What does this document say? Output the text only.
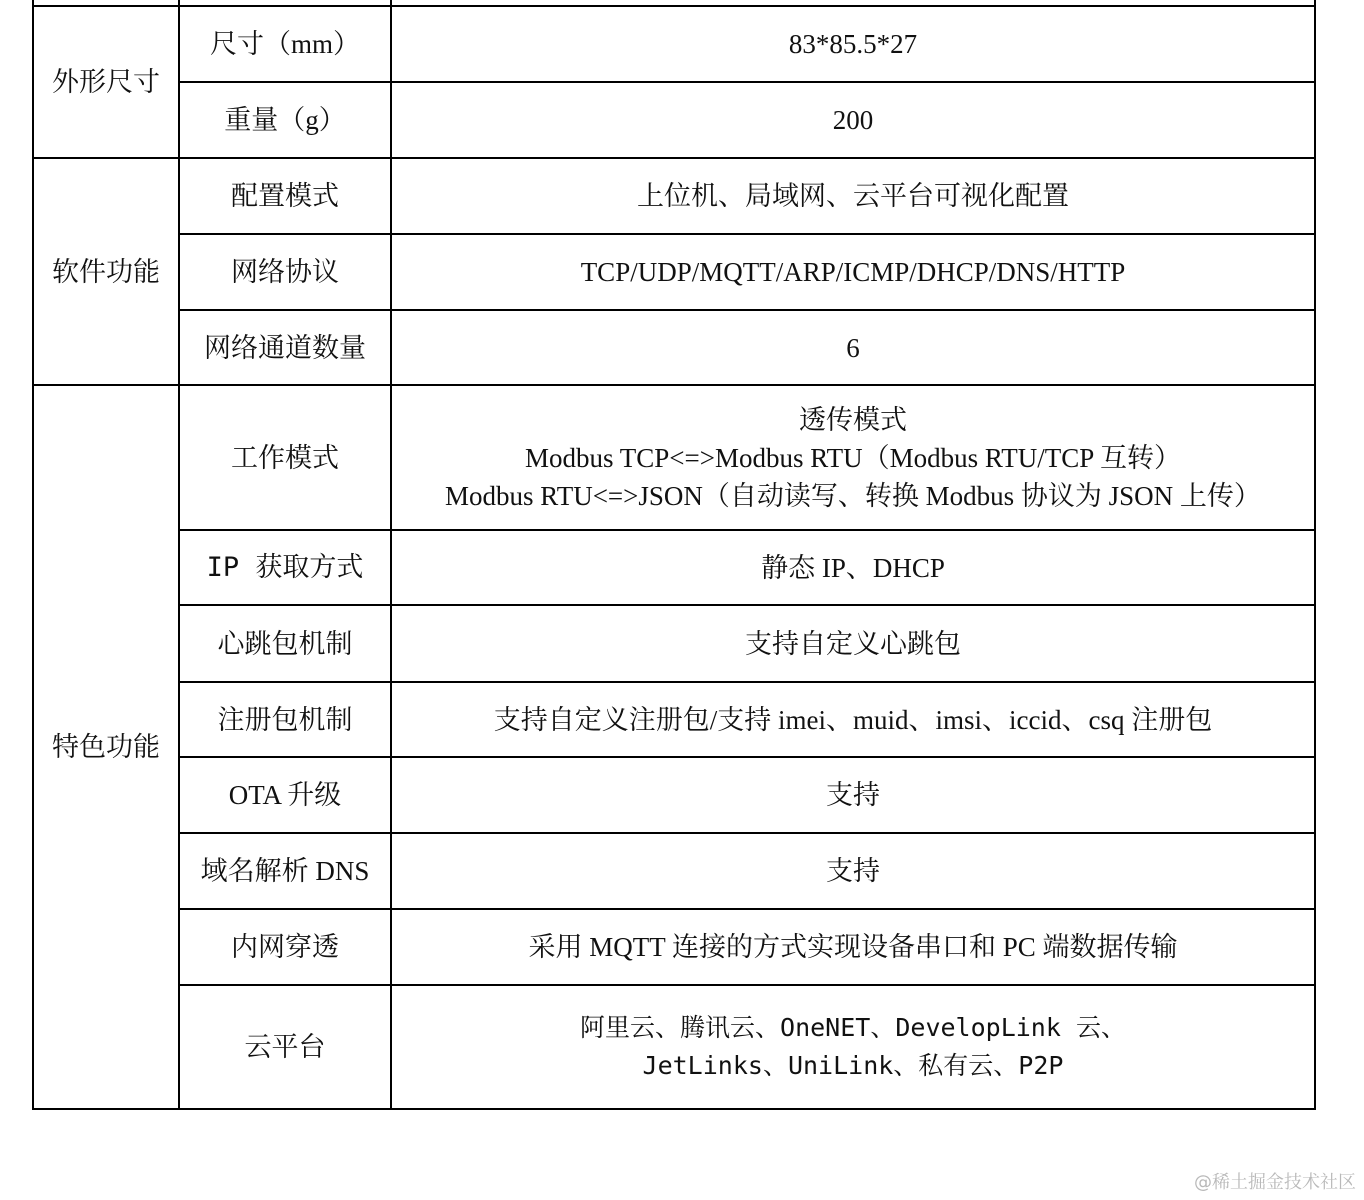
外形尺寸	尺寸（mm）	83*85.5*27
	重量（g）	200
软件功能	配置模式	上位机、局域网、云平台可视化配置
	网络协议	TCP/UDP/MQTT/ARP/ICMP/DHCP/DNS/HTTP
	网络通道数量	6
特色功能	工作模式	透传模式
Modbus TCP<=>Modbus RTU（Modbus RTU/TCP 互转）
Modbus RTU<=>JSON（自动读写、转换 Modbus 协议为 JSON 上传）

	IP 获取方式	静态 IP、DHCP
	心跳包机制	支持自定义心跳包
	注册包机制	支持自定义注册包/支持 imei、muid、imsi、iccid、csq 注册包
	OTA 升级	支持
	域名解析 DNS	支持
	内网穿透	采用 MQTT 连接的方式实现设备串口和 PC 端数据传输
	云平台	阿里云、腾讯云、OneNET、DevelopLink 云、
JetLinks、UniLink、私有云、P2P
@稀土掘金技术社区
